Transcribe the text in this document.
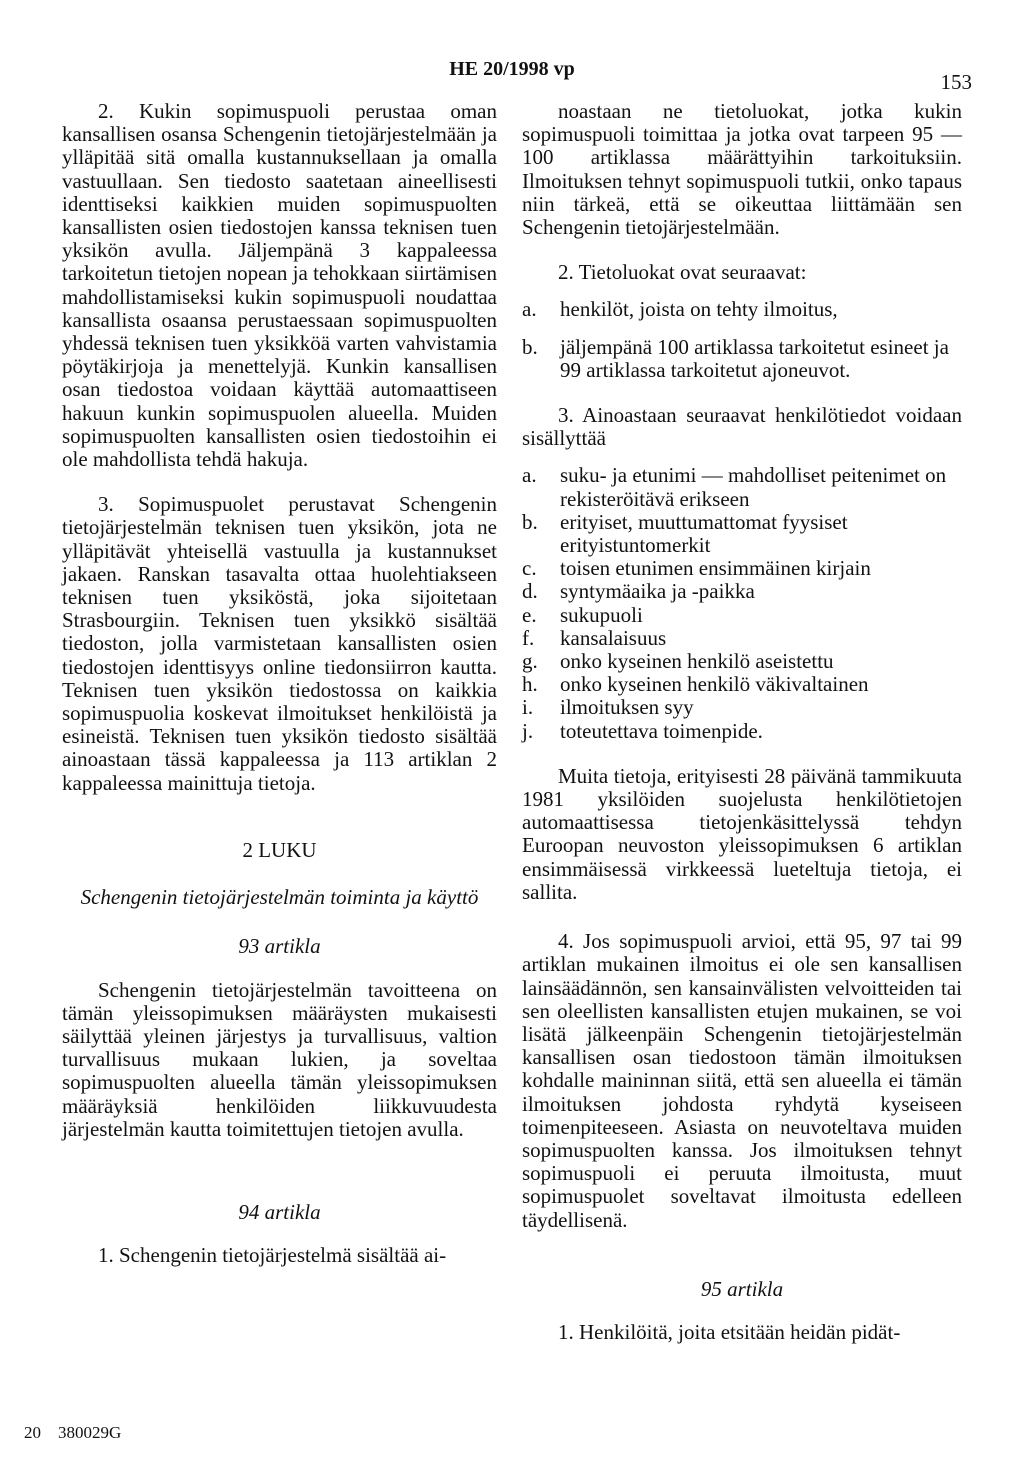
HE 20/1998 vp
153

2. Kukin sopimuspuoli perustaa oman kansallisen osansa Schengenin tietojärjestelmään ja ylläpitää sitä omalla kustannuksellaan ja omalla vastuullaan. Sen tiedosto saatetaan aineellisesti identtiseksi kaikkien muiden sopimuspuolten kansallisten osien tiedostojen kanssa teknisen tuen yksikön avulla. Jäljempänä 3 kappaleessa tarkoitetun tietojen nopean ja tehokkaan siirtämisen mahdollistamiseksi kukin sopimuspuoli noudattaa kansallista osaansa perustaessaan sopimuspuolten yhdessä teknisen tuen yksikköä varten vahvistamia pöytäkirjoja ja menettelyjä. Kunkin kansallisen osan tiedostoa voidaan käyttää automaattiseen hakuun kunkin sopimuspuolen alueella. Muiden sopimuspuolten kansallisten osien tiedostoihin ei ole mahdollista tehdä hakuja.

3. Sopimuspuolet perustavat Schengenin tietojärjestelmän teknisen tuen yksikön, jota ne ylläpitävät yhteisellä vastuulla ja kustannukset jakaen. Ranskan tasavalta ottaa huolehtiakseen teknisen tuen yksiköstä, joka sijoitetaan Strasbourgiin. Teknisen tuen yksikkö sisältää tiedoston, jolla varmistetaan kansallisten osien tiedostojen identtisyys online tiedonsiirron kautta. Teknisen tuen yksikön tiedostossa on kaikkia sopimuspuolia koskevat ilmoitukset henkilöistä ja esineistä. Teknisen tuen yksikön tiedosto sisältää ainoastaan tässä kappaleessa ja 113 artiklan 2 kappaleessa mainittuja tietoja.

2 LUKU

Schengenin tietojärjestelmän toiminta ja käyttö

93 artikla

Schengenin tietojärjestelmän tavoitteena on tämän yleissopimuksen määräysten mukaisesti säilyttää yleinen järjestys ja turvallisuus, valtion turvallisuus mukaan lukien, ja soveltaa sopimuspuolten alueella tämän yleissopimuksen määräyksiä henkilöiden liikkuvuudesta järjestelmän kautta toimitettujen tietojen avulla.

94 artikla

1. Schengenin tietojärjestelmä sisältää ai-

noastaan ne tietoluokat, jotka kukin sopimuspuoli toimittaa ja jotka ovat tarpeen 95 — 100 artiklassa määrättyihin tarkoituksiin. Ilmoituksen tehnyt sopimuspuoli tutkii, onko tapaus niin tärkeä, että se oikeuttaa liittämään sen Schengenin tietojärjestelmään.

2. Tietoluokat ovat seuraavat:

a.	henkilöt, joista on tehty ilmoitus,
b.	jäljempänä 100 artiklassa tarkoitetut esineet ja 99 artiklassa tarkoitetut ajoneuvot.

3. Ainoastaan seuraavat henkilötiedot voidaan sisällyttää

a.	suku- ja etunimi — mahdolliset peitenimet on rekisteröitävä erikseen
b.	erityiset, muuttumattomat fyysiset erityistuntomerkit
c.	toisen etunimen ensimmäinen kirjain
d.	syntymäaika ja -paikka
e.	sukupuoli
f.	kansalaisuus
g.	onko kyseinen henkilö aseistettu
h.	onko kyseinen henkilö väkivaltainen
i.	ilmoituksen syy
j.	toteutettava toimenpide.

Muita tietoja, erityisesti 28 päivänä tammikuuta 1981 yksilöiden suojelusta henkilötietojen automaattisessa tietojenkäsittelyssä tehdyn Euroopan neuvoston yleissopimuksen 6 artiklan ensimmäisessä virkkeessä lueteltuja tietoja, ei sallita.

4. Jos sopimuspuoli arvioi, että 95, 97 tai 99 artiklan mukainen ilmoitus ei ole sen kansallisen lainsäädännön, sen kansainvälisten velvoitteiden tai sen oleellisten kansallisten etujen mukainen, se voi lisätä jälkeenpäin Schengenin tietojärjestelmän kansallisen osan tiedostoon tämän ilmoituksen kohdalle maininnan siitä, että sen alueella ei tämän ilmoituksen johdosta ryhdytä kyseiseen toimenpiteeseen. Asiasta on neuvoteltava muiden sopimuspuolten kanssa. Jos ilmoituksen tehnyt sopimuspuoli ei peruuta ilmoitusta, muut sopimuspuolet soveltavat ilmoitusta edelleen täydellisenä.

95 artikla

1. Henkilöitä, joita etsitään heidän pidät-

20 380029G
